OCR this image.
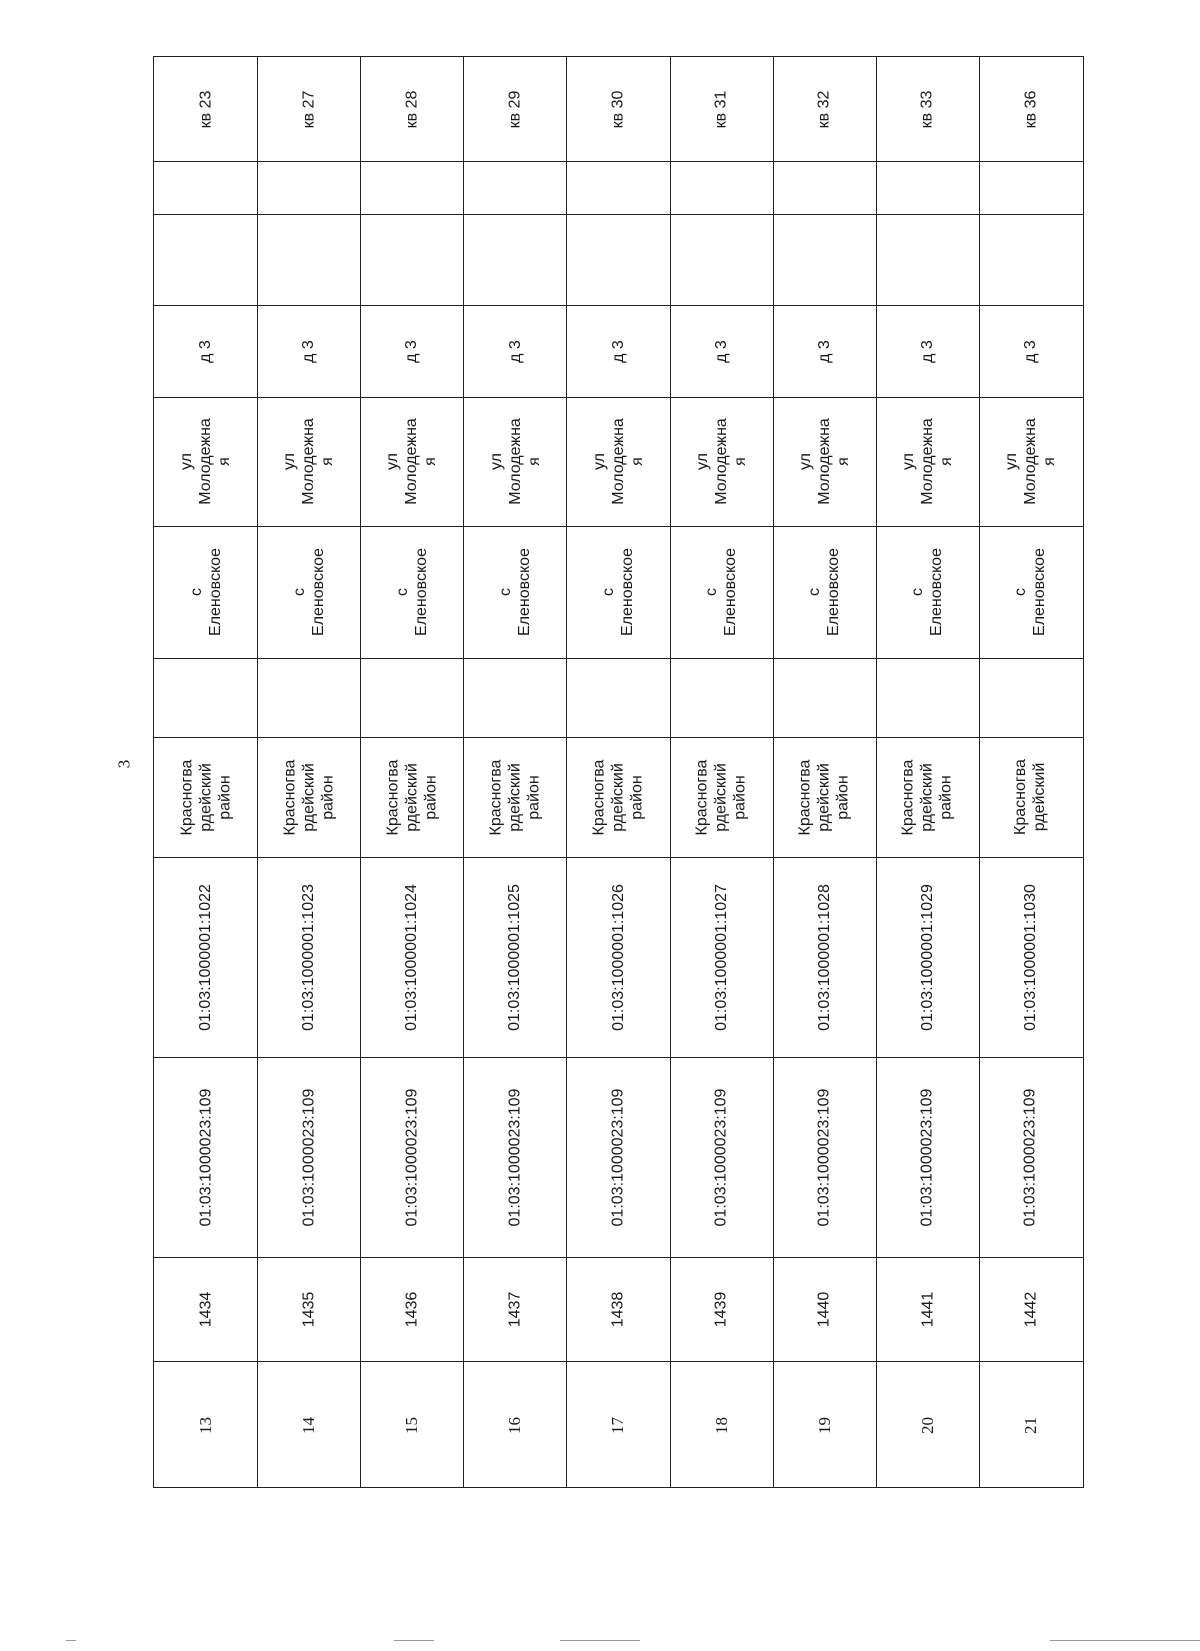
3
кв 23
д 3
ул Молодежна я
с Еленовское
Красногва рдейский район
01:03:1000001:1022
01:03:1000023:109
1434
13
кв 27
д 3
ул Молодежна я
с Еленовское
Красногва рдейский район
01:03:1000001:1023
01:03:1000023:109
1435
14
кв 28
д 3
ул Молодежна я
с Еленовское
Красногва рдейский район
01:03:1000001:1024
01:03:1000023:109
1436
15
кв 29
д 3
ул Молодежна я
с Еленовское
Красногва рдейский район
01:03:1000001:1025
01:03:1000023:109
1437
16
кв 30
д 3
ул Молодежна я
с Еленовское
Красногва рдейский район
01:03:1000001:1026
01:03:1000023:109
1438
17
кв 31
д 3
ул Молодежна я
с Еленовское
Красногва рдейский район
01:03:1000001:1027
01:03:1000023:109
1439
18
кв 32
д 3
ул Молодежна я
с Еленовское
Красногва рдейский район
01:03:1000001:1028
01:03:1000023:109
1440
19
кв 33
д 3
ул Молодежна я
с Еленовское
Красногва рдейский район
01:03:1000001:1029
01:03:1000023:109
1441
20
кв 36
д 3
ул Молодежна я
с Еленовское
Красногва рдейский
01:03:1000001:1030
01:03:1000023:109
1442
21
